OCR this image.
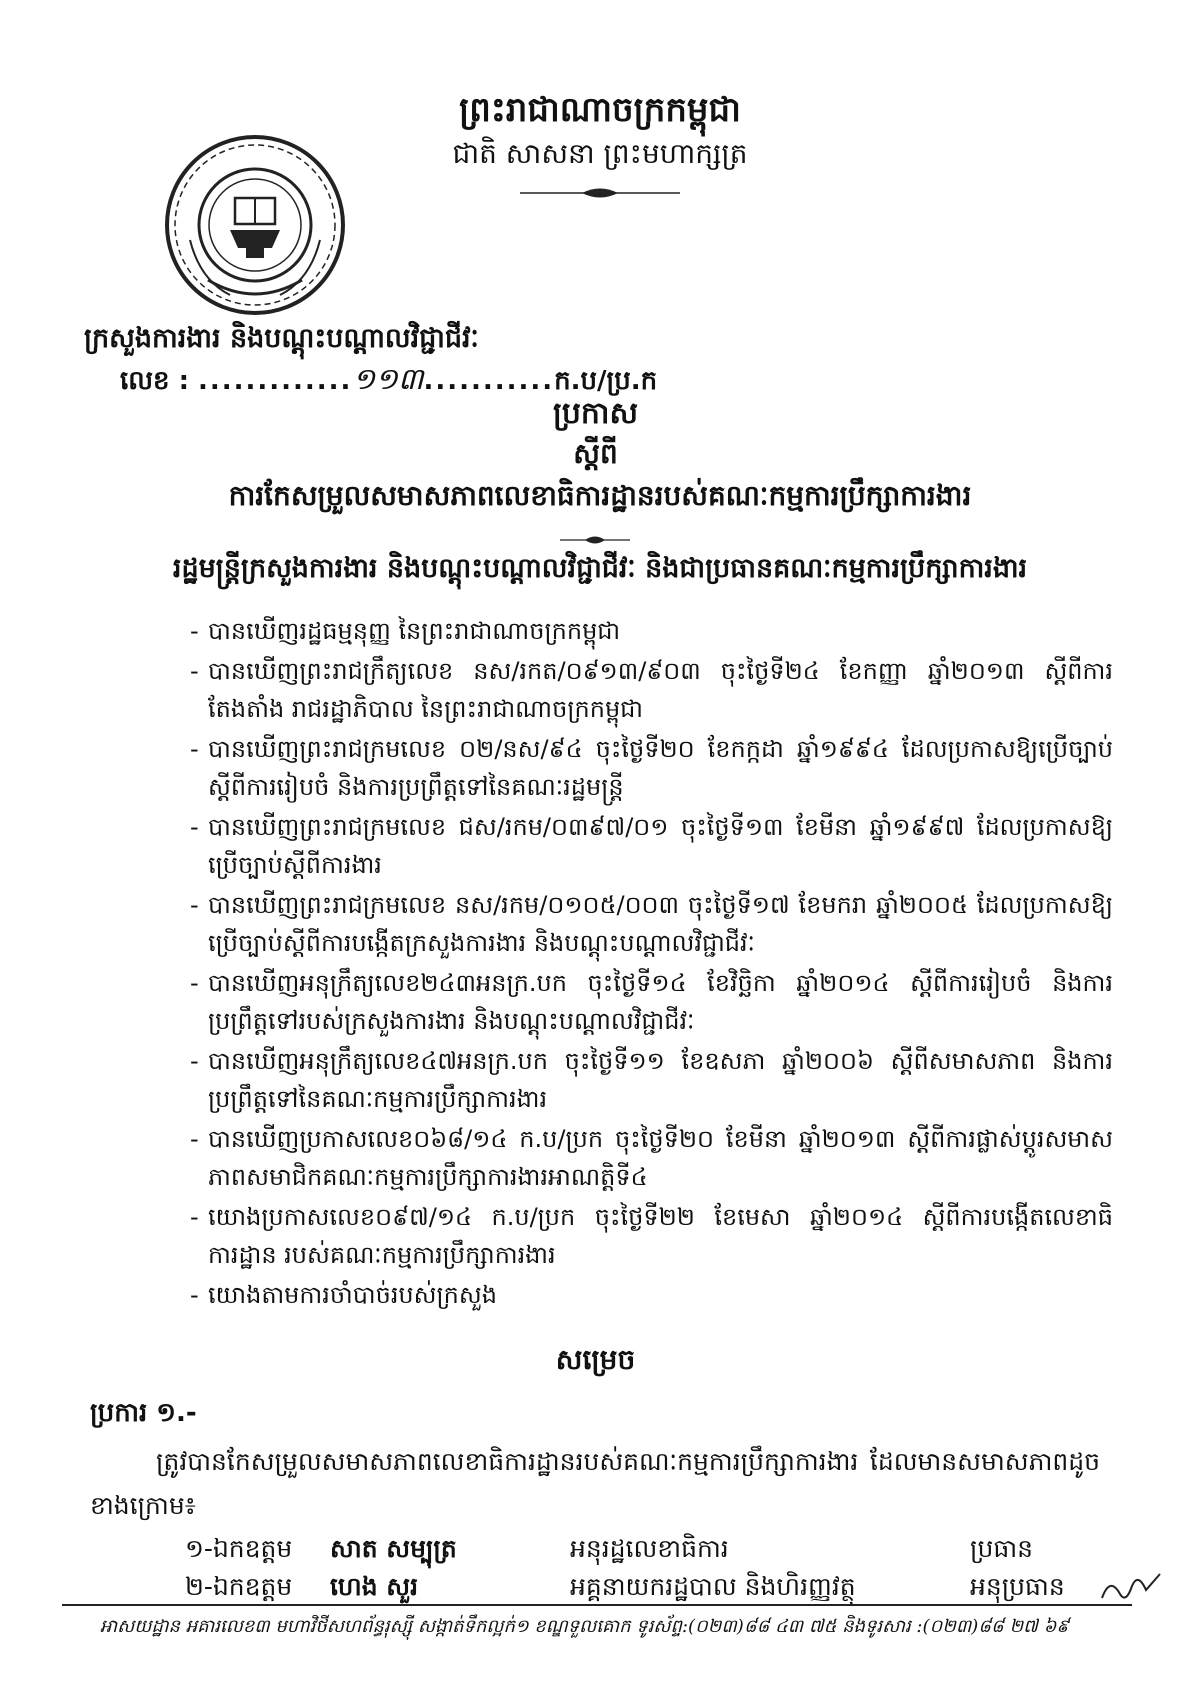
ព្រះរាជាណាចក្រកម្ពុជា
ជាតិ សាសនា ព្រះមហាក្សត្រ
ក្រសួងការងារ និងបណ្តុះបណ្តាលវិជ្ជាជីវៈ
លេខ : .............១១៣...........ក.ប/ប្រ.ក
ប្រកាស
ស្តីពី
ការកែសម្រួលសមាសភាពលេខាធិការដ្ឋានរបស់គណៈកម្មការប្រឹក្សាការងារ
រដ្ឋមន្ត្រីក្រសួងការងារ និងបណ្តុះបណ្តាលវិជ្ជាជីវៈ និងជាប្រធានគណៈកម្មការប្រឹក្សាការងារ
- បានឃើញរដ្ឋធម្មនុញ្ញ នៃព្រះរាជាណាចក្រកម្ពុជា
- បានឃើញព្រះរាជក្រឹត្យលេខ នស/រកត/០៩១៣/៩០៣ ចុះថ្ងៃទី២៤ ខែកញ្ញា ឆ្នាំ២០១៣ ស្តីពីការតែងតាំង រាជរដ្ឋាភិបាល នៃព្រះរាជាណាចក្រកម្ពុជា
- បានឃើញព្រះរាជក្រមលេខ ០២/នស/៩៤ ចុះថ្ងៃទី២០ ខែកក្កដា ឆ្នាំ១៩៩៤ ដែលប្រកាសឱ្យប្រើច្បាប់ស្តីពីការរៀបចំ និងការប្រព្រឹត្តទៅនៃគណៈរដ្ឋមន្ត្រី
- បានឃើញព្រះរាជក្រមលេខ ជស/រកម/០៣៩៧/០១ ចុះថ្ងៃទី១៣ ខែមីនា ឆ្នាំ១៩៩៧ ដែលប្រកាសឱ្យ ប្រើច្បាប់ស្តីពីការងារ
- បានឃើញព្រះរាជក្រមលេខ នស/រកម/០១០៥/០០៣ ចុះថ្ងៃទី១៧ ខែមករា ឆ្នាំ២០០៥ ដែលប្រកាសឱ្យប្រើច្បាប់ស្តីពីការបង្កើតក្រសួងការងារ និងបណ្តុះបណ្តាលវិជ្ជាជីវៈ
- បានឃើញអនុក្រឹត្យលេខ២៤៣អនក្រ.បក ចុះថ្ងៃទី១៤ ខែវិច្ឆិកា ឆ្នាំ២០១៤ ស្តីពីការរៀបចំ និងការ ប្រព្រឹត្តទៅរបស់ក្រសួងការងារ និងបណ្តុះបណ្តាលវិជ្ជាជីវៈ
- បានឃើញអនុក្រឹត្យលេខ៤៧អនក្រ.បក ចុះថ្ងៃទី១១ ខែឧសភា ឆ្នាំ២០០៦ ស្តីពីសមាសភាព និងការប្រព្រឹត្តទៅនៃគណៈកម្មការប្រឹក្សាការងារ
- បានឃើញប្រកាសលេខ០៦៨/១៤ ក.ប/ប្រក ចុះថ្ងៃទី២០ ខែមីនា ឆ្នាំ២០១៣ ស្តីពីការផ្លាស់ប្តូរសមាសភាពសមាជិកគណៈកម្មការប្រឹក្សាការងារអាណត្តិទី៤
- យោងប្រកាសលេខ០៩៧/១៤ ក.ប/ប្រក ចុះថ្ងៃទី២២ ខែមេសា ឆ្នាំ២០១៤ ស្តីពីការបង្កើតលេខាធិការដ្ឋាន របស់គណៈកម្មការប្រឹក្សាការងារ
- យោងតាមការចាំបាច់របស់ក្រសួង
សម្រេច
ប្រការ ១.-
ត្រូវបានកែសម្រួលសមាសភាពលេខាធិការដ្ឋានរបស់គណៈកម្មការប្រឹក្សាការងារ ដែលមានសមាសភាពដូចខាងក្រោម៖
១-ឯកឧត្តម សាត សម្បុត្រ	អនុរដ្ឋលេខាធិការ	ប្រធាន
២-ឯកឧត្តម ហេង សួរ	អគ្គនាយករដ្ឋបាល និងហិរញ្ញវត្ថុ	អនុប្រធាន
អាសយដ្ឋាន អគារលេខ៣ មហាវិថីសហព័ន្ធរុស្ស៊ី សង្កាត់ទឹកល្អក់១ ខណ្ឌទួលគោក ទូរស័ព្ទ:(០២៣)៨៨ ៤៣ ៧៥ និងទូរសារ :(០២៣)៨៨ ២៧ ៦៩
